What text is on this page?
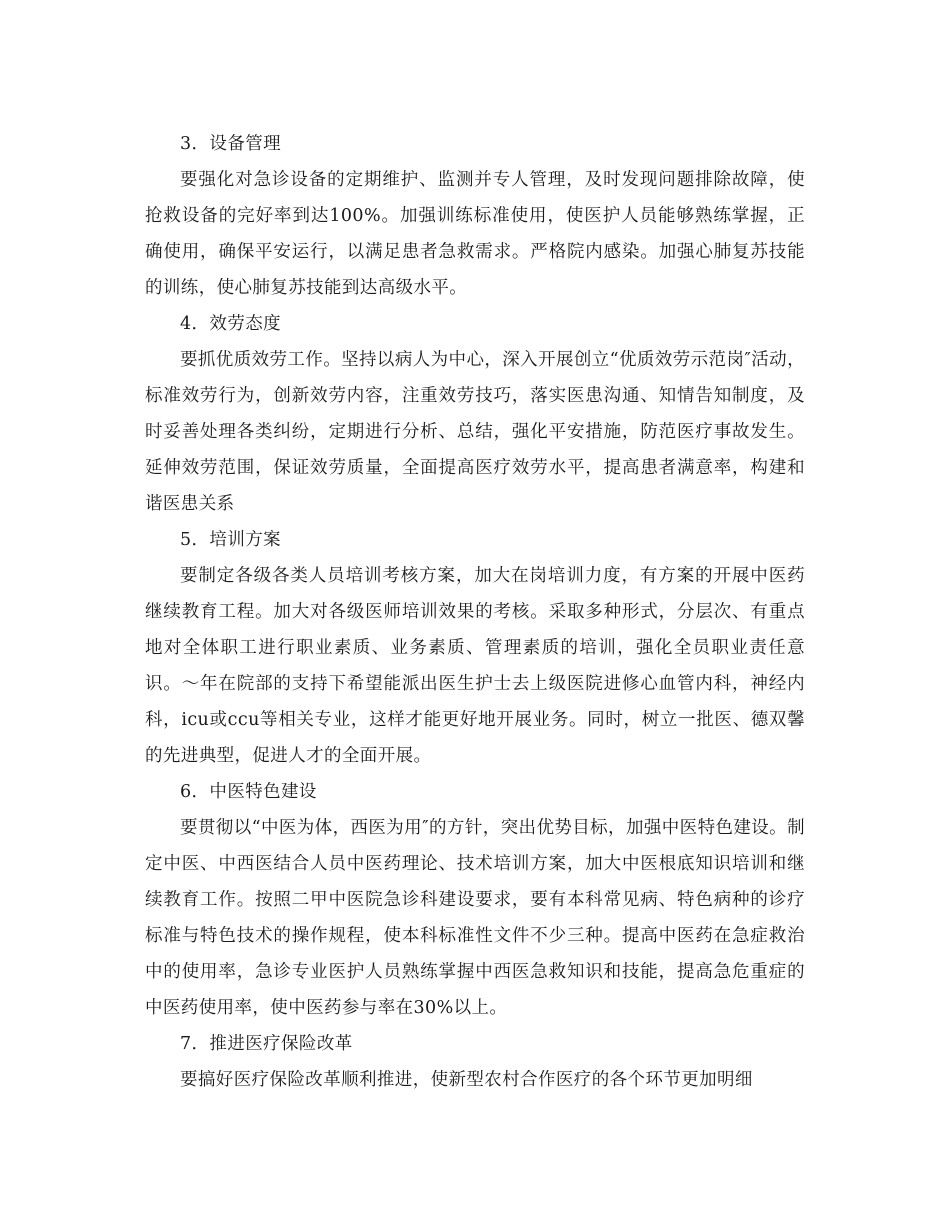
3．设备管理

要强化对急诊设备的定期维护、监测并专人管理，及时发现问题排除故障，使抢救设备的完好率到达100%。加强训练标准使用，使医护人员能够熟练掌握，正确使用，确保平安运行，以满足患者急救需求。严格院内感染。加强心肺复苏技能的训练，使心肺复苏技能到达高级水平。

4．效劳态度

要抓优质效劳工作。坚持以病人为中心，深入开展创立“优质效劳示范岗″活动，标准效劳行为，创新效劳内容，注重效劳技巧，落实医患沟通、知情告知制度，及时妥善处理各类纠纷，定期进行分析、总结，强化平安措施，防范医疗事故发生。延伸效劳范围，保证效劳质量，全面提高医疗效劳水平，提高患者满意率，构建和谐医患关系

5．培训方案

要制定各级各类人员培训考核方案，加大在岗培训力度，有方案的开展中医药继续教育工程。加大对各级医师培训效果的考核。采取多种形式，分层次、有重点地对全体职工进行职业素质、业务素质、管理素质的培训，强化全员职业责任意识。～年在院部的支持下希望能派出医生护士去上级医院进修心血管内科，神经内科，icu或ccu等相关专业，这样才能更好地开展业务。同时，树立一批医、德双馨的先进典型，促进人才的全面开展。

6．中医特色建设

要贯彻以“中医为体，西医为用″的方针，突出优势目标，加强中医特色建设。制定中医、中西医结合人员中医药理论、技术培训方案，加大中医根底知识培训和继续教育工作。按照二甲中医院急诊科建设要求，要有本科常见病、特色病种的诊疗标准与特色技术的操作规程，使本科标准性文件不少三种。提高中医药在急症救治中的使用率，急诊专业医护人员熟练掌握中西医急救知识和技能，提高急危重症的中医药使用率，使中医药参与率在30%以上。

7．推进医疗保险改革

要搞好医疗保险改革顺利推进，使新型农村合作医疗的各个环节更加明细
